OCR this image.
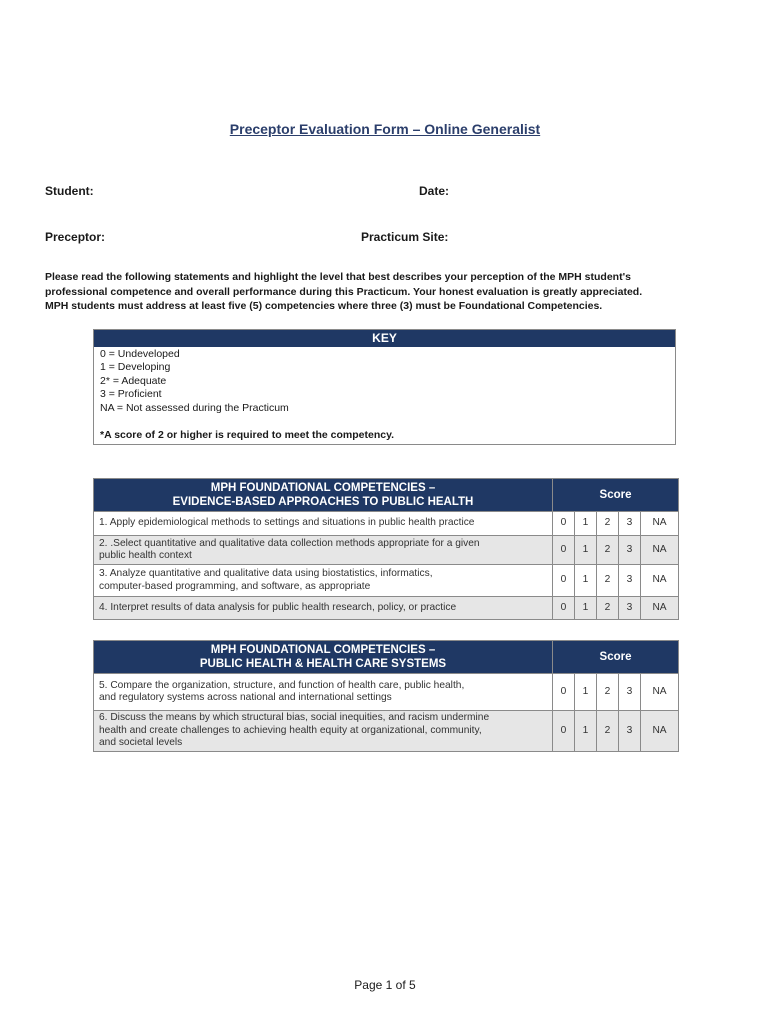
Preceptor Evaluation Form – Online Generalist
Student:	Date:
Preceptor:	Practicum Site:
Please read the following statements and highlight the level that best describes your perception of the MPH student's
professional competence and overall performance during this Practicum. Your honest evaluation is greatly appreciated.
MPH students must address at least five (5) competencies where three (3) must be Foundational Competencies.
KEY
0 = Undeveloped
1 = Developing
2* = Adequate
3 = Proficient
NA = Not assessed during the Practicum
*A score of 2 or higher is required to meet the competency.
MPH FOUNDATIONAL COMPETENCIES –
EVIDENCE-BASED APPROACHES TO PUBLIC HEALTH	Score				

1. Apply epidemiological methods to settings and situations in public health practice	0	1	2	3	NA

2. .Select quantitative and qualitative data collection methods appropriate for a given
public health context	0	1	2	3	NA

3. Analyze quantitative and qualitative data using biostatistics, informatics,
computer-based programming, and software, as appropriate	0	1	2	3	NA

4. Interpret results of data analysis for public health research, policy, or practice	0	1	2	3	NA
MPH FOUNDATIONAL COMPETENCIES –
PUBLIC HEALTH & HEALTH CARE SYSTEMS	Score				

5. Compare the organization, structure, and function of health care, public health,
and regulatory systems across national and international settings	0	1	2	3	NA

6. Discuss the means by which structural bias, social inequities, and racism undermine
health and create challenges to achieving health equity at organizational, community,
and societal levels	0	1	2	3	NA
Page 1 of 5
